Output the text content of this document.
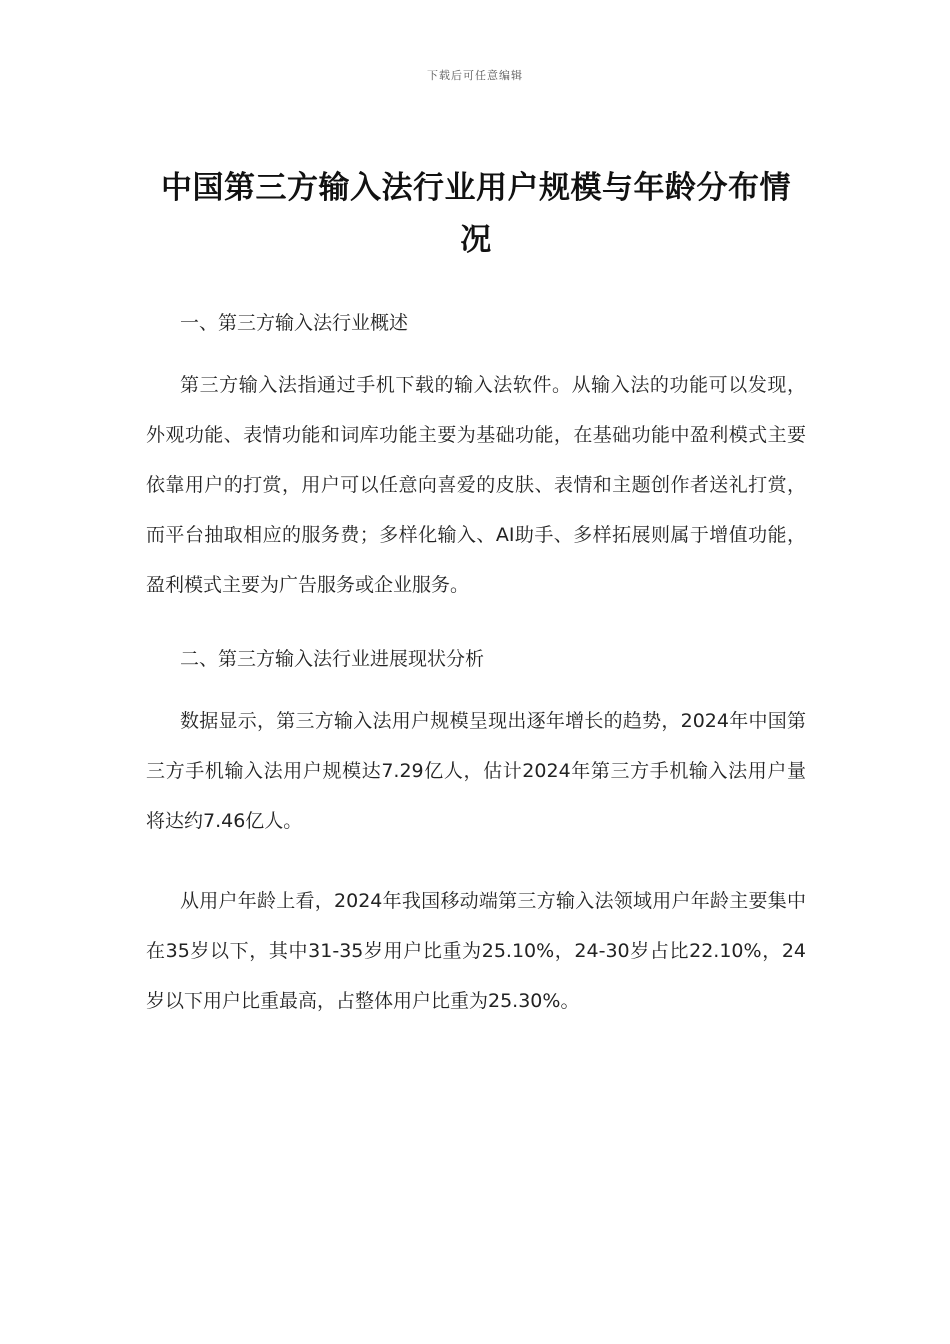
下载后可任意编辑
中国第三方输入法行业用户规模与年龄分布情况

一、第三方输入法行业概述

第三方输入法指通过手机下载的输入法软件。从输入法的功能可以发现，外观功能、表情功能和词库功能主要为基础功能，在基础功能中盈利模式主要依靠用户的打赏，用户可以任意向喜爱的皮肤、表情和主题创作者送礼打赏，而平台抽取相应的服务费；多样化输入、AI助手、多样拓展则属于增值功能，盈利模式主要为广告服务或企业服务。

二、第三方输入法行业进展现状分析

数据显示，第三方输入法用户规模呈现出逐年增长的趋势，2024年中国第三方手机输入法用户规模达7.29亿人，估计2024年第三方手机输入法用户量将达约7.46亿人。

从用户年龄上看，2024年我国移动端第三方输入法领域用户年龄主要集中在35岁以下，其中31-35岁用户比重为25.10%，24-30岁占比22.10%，24岁以下用户比重最高，占整体用户比重为25.30%。
